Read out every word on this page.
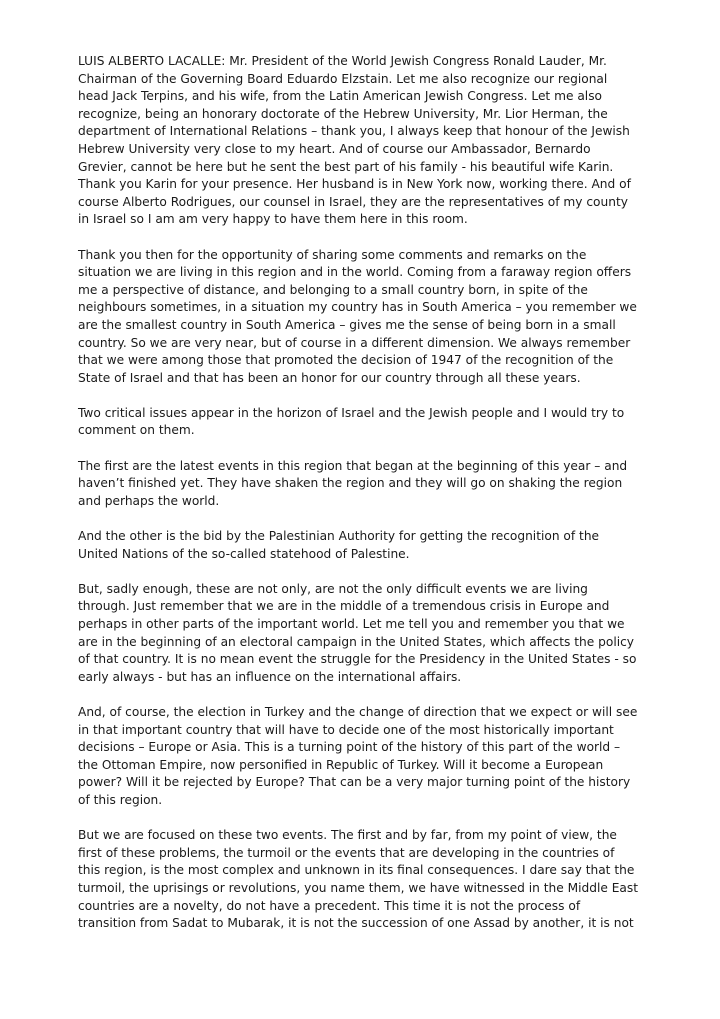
LUIS ALBERTO LACALLE: Mr. President of the World Jewish Congress Ronald Lauder, Mr. Chairman of the Governing Board Eduardo Elzstain. Let me also recognize our regional head Jack Terpins, and his wife, from the Latin American Jewish Congress. Let me also recognize, being an honorary doctorate of the Hebrew University, Mr. Lior Herman, the department of International Relations – thank you, I always keep that honour of the Jewish Hebrew University very close to my heart. And of course our Ambassador, Bernardo Grevier, cannot be here but he sent the best part of his family - his beautiful wife Karin. Thank you Karin for your presence. Her husband is in New York now, working there. And of course Alberto Rodrigues, our counsel in Israel, they are the representatives of my county in Israel so I am am very happy to have them here in this room.

Thank you then for the opportunity of sharing some comments and remarks on the situation we are living in this region and in the world. Coming from a faraway region offers me a perspective of distance, and belonging to a small country born, in spite of the neighbours sometimes, in a situation my country has in South America – you remember we are the smallest country in South America – gives me the sense of being born in a small country. So we are very near, but of course in a different dimension. We always remember that we were among those that promoted the decision of 1947 of the recognition of the State of Israel and that has been an honor for our country through all these years.

Two critical issues appear in the horizon of Israel and the Jewish people and I would try to comment on them.

The first are the latest events in this region that began at the beginning of this year – and haven’t finished yet. They have shaken the region and they will go on shaking the region and perhaps the world.

And the other is the bid by the Palestinian Authority for getting the recognition of the United Nations of the so-called statehood of Palestine.

But, sadly enough, these are not only, are not the only difficult events we are living through. Just remember that we are in the middle of a tremendous crisis in Europe and perhaps in other parts of the important world. Let me tell you and remember you that we are in the beginning of an electoral campaign in the United States, which affects the policy of that country. It is no mean event the struggle for the Presidency in the United States - so early always - but has an influence on the international affairs.

And, of course, the election in Turkey and the change of direction that we expect or will see in that important country that will have to decide one of the most historically important decisions – Europe or Asia. This is a turning point of the history of this part of the world – the Ottoman Empire, now personified in Republic of Turkey. Will it become a European power? Will it be rejected by Europe? That can be a very major turning point of the history of this region.

But we are focused on these two events. The first and by far, from my point of view, the first of these problems, the turmoil or the events that are developing in the countries of this region, is the most complex and unknown in its final consequences. I dare say that the turmoil, the uprisings or revolutions, you name them, we have witnessed in the Middle East countries are a novelty, do not have a precedent. This time it is not the process of transition from Sadat to Mubarak, it is not the succession of one Assad by another, it is not
